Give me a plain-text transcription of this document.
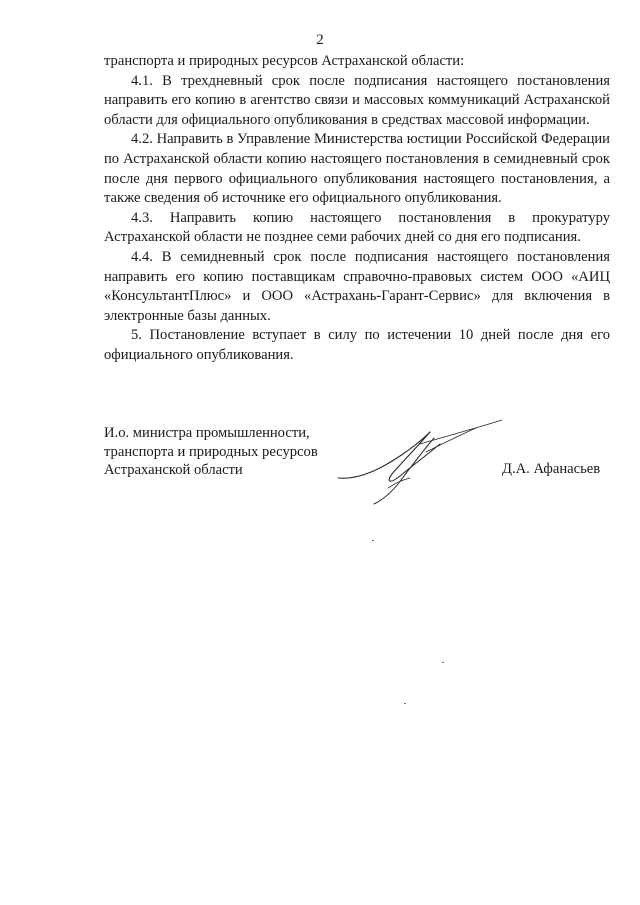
2

транспорта и природных ресурсов Астраханской области:

4.1. В трехдневный срок после подписания настоящего постановления направить его копию в агентство связи и массовых коммуникаций Астраханской области для официального опубликования в средствах массовой информации.

4.2. Направить в Управление Министерства юстиции Российской Федерации по Астраханской области копию настоящего постановления в семидневный срок после дня первого официального опубликования настоящего постановления, а также сведения об источнике его официального опубликования.

4.3. Направить копию настоящего постановления в прокуратуру Астраханской области не позднее семи рабочих дней со дня его подписания.

4.4. В семидневный срок после подписания настоящего постановления направить его копию поставщикам справочно-правовых систем ООО «АИЦ «КонсультантПлюс» и ООО «Астрахань-Гарант-Сервис» для включения в электронные базы данных.

5. Постановление вступает в силу по истечении 10 дней после дня его официального опубликования.

И.о. министра промышленности,
транспорта и природных ресурсов
Астраханской области	Д.А. Афанасьев
